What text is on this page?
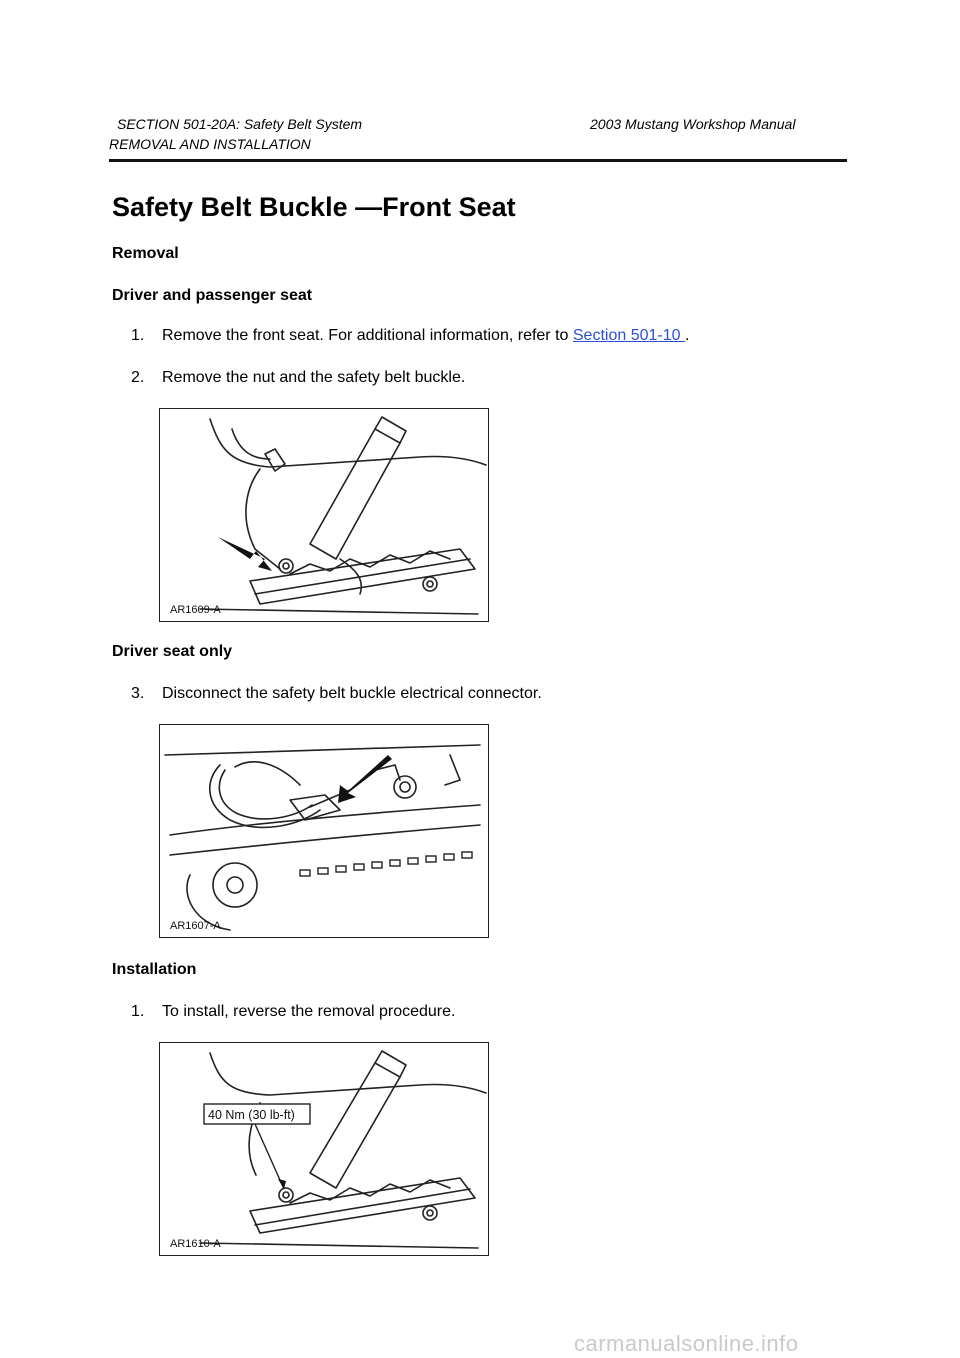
SECTION 501-20A: Safety Belt System	2003 Mustang Workshop Manual
REMOVAL AND INSTALLATION
Safety Belt Buckle —Front Seat
Removal
Driver and passenger seat
1. Remove the front seat. For additional information, refer to Section 501-10 .
2. Remove the nut and the safety belt buckle.
AR1609-A
Driver seat only
3. Disconnect the safety belt buckle electrical connector.
AR1607-A
Installation
1. To install, reverse the removal procedure.
40 Nm (30 lb-ft)
AR1610-A
carmanualsonline.info
